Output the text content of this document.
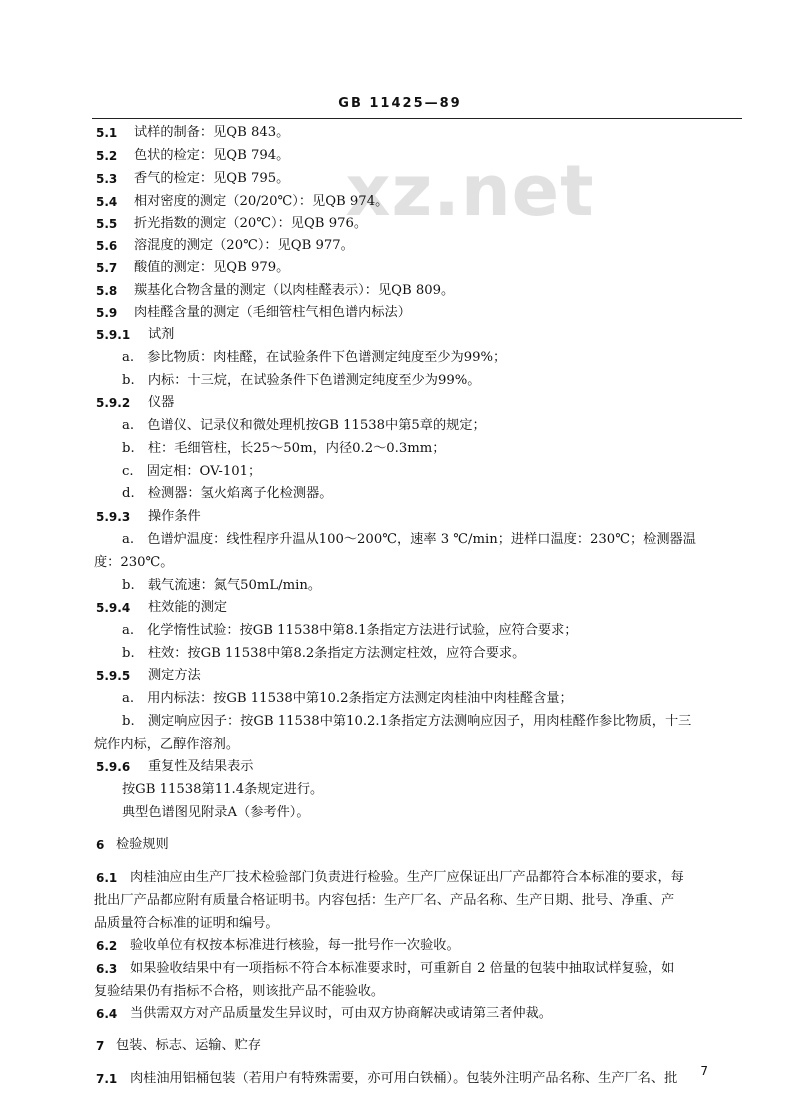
GB 11425—89
xz.net
5.1 试样的制备：见QB 843。
5.2 色状的检定：见QB 794。
5.3 香气的检定：见QB 795。
5.4 相对密度的测定（20/20℃）：见QB 974。
5.5 折光指数的测定（20℃）：见QB 976。
5.6 溶混度的测定（20℃）：见QB 977。
5.7 酸值的测定：见QB 979。
5.8 羰基化合物含量的测定（以肉桂醛表示）：见QB 809。
5.9 肉桂醛含量的测定（毛细管柱气相色谱内标法）
5.9.1 试剂
a.　参比物质：肉桂醛，在试验条件下色谱测定纯度至少为99%；
b.　内标：十三烷，在试验条件下色谱测定纯度至少为99%。
5.9.2 仪器
a.　色谱仪、记录仪和微处理机按GB 11538中第5章的规定；
b.　柱：毛细管柱，长25～50m，内径0.2～0.3mm；
c.　固定相：OV-101；
d.　检测器：氢火焰离子化检测器。
5.9.3 操作条件
a.　色谱炉温度：线性程序升温从100～200℃，速率 3 ℃/min；进样口温度：230℃；检测器温
度：230℃。
b.　载气流速：氮气50mL/min。
5.9.4 柱效能的测定
a.　化学惰性试验：按GB 11538中第8.1条指定方法进行试验，应符合要求；
b.　柱效：按GB 11538中第8.2条指定方法测定柱效，应符合要求。
5.9.5 测定方法
a.　用内标法：按GB 11538中第10.2条指定方法测定肉桂油中肉桂醛含量；
b.　测定响应因子：按GB 11538中第10.2.1条指定方法测响应因子，用肉桂醛作参比物质，十三
烷作内标，乙醇作溶剂。
5.9.6 重复性及结果表示
按GB 11538第11.4条规定进行。
典型色谱图见附录A（参考件）。
6 检验规则
6.1 肉桂油应由生产厂技术检验部门负责进行检验。生产厂应保证出厂产品都符合本标准的要求，每
批出厂产品都应附有质量合格证明书。内容包括：生产厂名、产品名称、生产日期、批号、净重、产
品质量符合标准的证明和编号。
6.2 验收单位有权按本标准进行核验，每一批号作一次验收。
6.3 如果验收结果中有一项指标不符合本标准要求时，可重新自 2 倍量的包装中抽取试样复验，如
复验结果仍有指标不合格，则该批产品不能验收。
6.4 当供需双方对产品质量发生异议时，可由双方协商解决或请第三者仲裁。
7 包装、标志、运输、贮存
7.1 肉桂油用铝桶包装（若用户有特殊需要，亦可用白铁桶）。包装外注明产品名称、生产厂名、批 7
